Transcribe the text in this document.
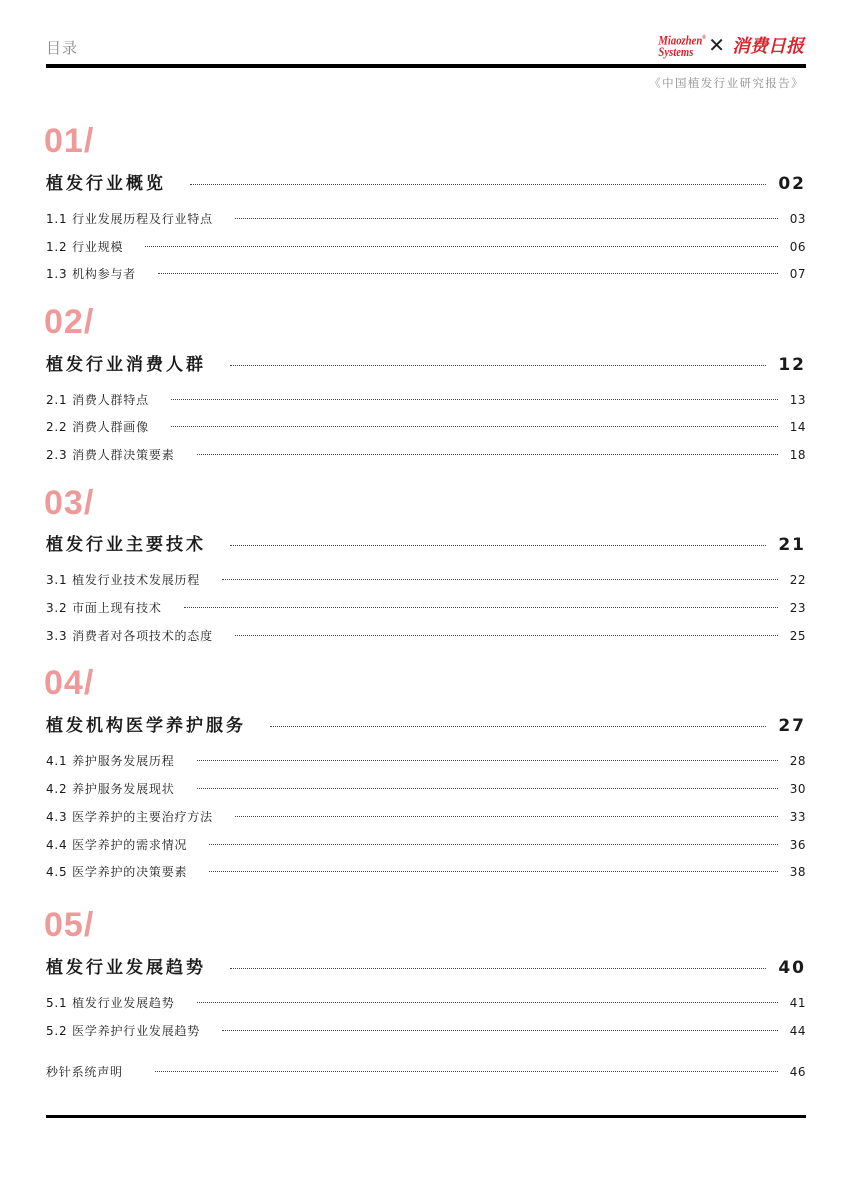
目录	Miaozhen®
Systems ✕ 消费日报
《中国植发行业研究报告》
01/
植发行业概览	02
1.1 行业发展历程及行业特点	03
1.2 行业规模	06
1.3 机构参与者	07
02/
植发行业消费人群	12
2.1 消费人群特点	13
2.2 消费人群画像	14
2.3 消费人群决策要素	18
03/
植发行业主要技术	21
3.1 植发行业技术发展历程	22
3.2 市面上现有技术	23
3.3 消费者对各项技术的态度	25
04/
植发机构医学养护服务	27
4.1 养护服务发展历程	28
4.2 养护服务发展现状	30
4.3 医学养护的主要治疗方法	33
4.4 医学养护的需求情况	36
4.5 医学养护的决策要素	38
05/
植发行业发展趋势	40
5.1 植发行业发展趋势	41
5.2 医学养护行业发展趋势	44
秒针系统声明	46
